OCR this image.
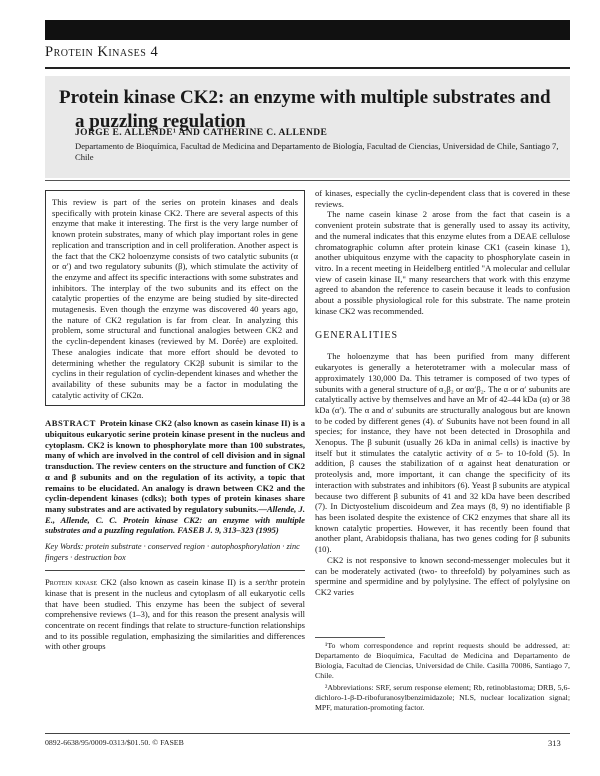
Protein Kinases 4
Protein kinase CK2: an enzyme with multiple substrates and
a puzzling regulation
JORGE E. ALLENDE¹ AND CATHERINE C. ALLENDE
Departamento de Bioquímica, Facultad de Medicina and Departamento de Biología, Facultad de Ciencias, Universidad de Chile, Santiago 7, Chile

This review is part of the series on protein kinases and deals specifically with protein kinase CK2. There are several aspects of this enzyme that make it interesting. The first is the very large number of known protein substrates, many of which play important roles in gene replication and transcription and in cell proliferation. Another aspect is the fact that the CK2 holoenzyme consists of two catalytic subunits (α or α′) and two regulatory subunits (β), which stimulate the activity of the enzyme and affect its specific interactions with some substrates and inhibitors. The interplay of the two subunits and its effect on the catalytic properties of the enzyme are being studied by site-directed mutagenesis. Even though the enzyme was discovered 40 years ago, the nature of CK2 regulation is far from clear. In analyzing this problem, some structural and functional analogies between CK2 and the cyclin-dependent kinases (reviewed by M. Dorée) are exploited. These analogies indicate that more effort should be devoted to determining whether the regulatory CK2β subunit is similar to the cyclins in their regulation of cyclin-dependent kinases and whether the availability of these subunits may be a factor in modulating the catalytic activity of CK2α.

ABSTRACT Protein kinase CK2 (also known as casein kinase II) is a ubiquitous eukaryotic serine protein kinase present in the nucleus and cytoplasm. CK2 is known to phosphorylate more than 100 substrates, many of which are involved in the control of cell division and in signal transduction. The review centers on the structure and function of CK2 α and β subunits and on the regulation of its activity, a topic that remains to be elucidated. An analogy is drawn between CK2 and the cyclin-dependent kinases (cdks); both types of protein kinases share many substrates and are activated by regulatory subunits.—Allende, J. E., Allende, C. C. Protein kinase CK2: an enzyme with multiple substrates and a puzzling regulation. FASEB J. 9, 313–323 (1995)
Key Words: protein substrate · conserved region · autophosphorylation · zinc fingers · destruction box
Protein kinase CK2 (also known as casein kinase II) is a ser/thr protein kinase that is present in the nucleus and cytoplasm of all eukaryotic cells that have been studied. This enzyme has been the subject of several comprehensive reviews (1–3), and for this reason the present analysis will concentrate on recent findings that relate to structure-function relationships and to its possible regulation, emphasizing the similarities and differences with other groups

of kinases, especially the cyclin-dependent class that is covered in these reviews.

The name casein kinase 2 arose from the fact that casein is a convenient protein substrate that is generally used to assay its activity, and the numeral indicates that this enzyme elutes from a DEAE cellulose chromatographic column after protein kinase CK1 (casein kinase 1), another ubiquitous enzyme with the capacity to phosphorylate casein in vitro. In a recent meeting in Heidelberg entitled "A molecular and cellular view of casein kinase II," many researchers that work with this enzyme agreed to abandon the reference to casein because it leads to confusion about a possible physiological role for this substrate. The name protein kinase CK2 was recommended.

GENERALITIES

The holoenzyme that has been purified from many different eukaryotes is generally a heterotetramer with a molecular mass of approximately 130,000 Da. This tetramer is composed of two types of subunits with a general structure of α₂β₂ or αα′β₂. The α or α′ subunits are catalytically active by themselves and have an Mr of 42–44 kDa (α) or 38 kDa (α′). The α and α′ subunits are structurally analogous but are known to be coded by different genes (4). α′ Subunits have not been found in all species; for instance, they have not been detected in Drosophila and Xenopus. The β subunit (usually 26 kDa in animal cells) is inactive by itself but it stimulates the catalytic activity of α 5- to 10-fold (5). In addition, β causes the stabilization of α against heat denaturation or proteolysis and, more important, it can change the specificity of its interaction with substrates and inhibitors (6). Yeast β subunits are atypical because two different β subunits of 41 and 32 kDa have been described (7). In Dictyostelium discoideum and Zea mays (8, 9) no identifiable β has been isolated despite the existence of CK2 enzymes that share all its known catalytic properties. However, it has recently been found that another plant, Arabidopsis thaliana, has two genes coding for β subunits (10).

CK2 is not responsive to known second-messenger molecules but it can be moderately activated (two- to threefold) by polyamines such as spermine and spermidine and by polylysine. The effect of polylysine on CK2 varies

¹To whom correspondence and reprint requests should be addressed, at: Departamento de Bioquímica, Facultad de Medicina and Departamento de Biología, Facultad de Ciencias, Universidad de Chile. Casilla 70086, Santiago 7, Chile.

²Abbreviations: SRF, serum response element; Rb, retinoblastoma; DRB, 5,6-dichloro-1-β-D-ribofuranosylbenzimidazole; NLS, nuclear localization signal; MPF, maturation-promoting factor.

0892-6638/95/0009-0313/$01.50. © FASEB	313
